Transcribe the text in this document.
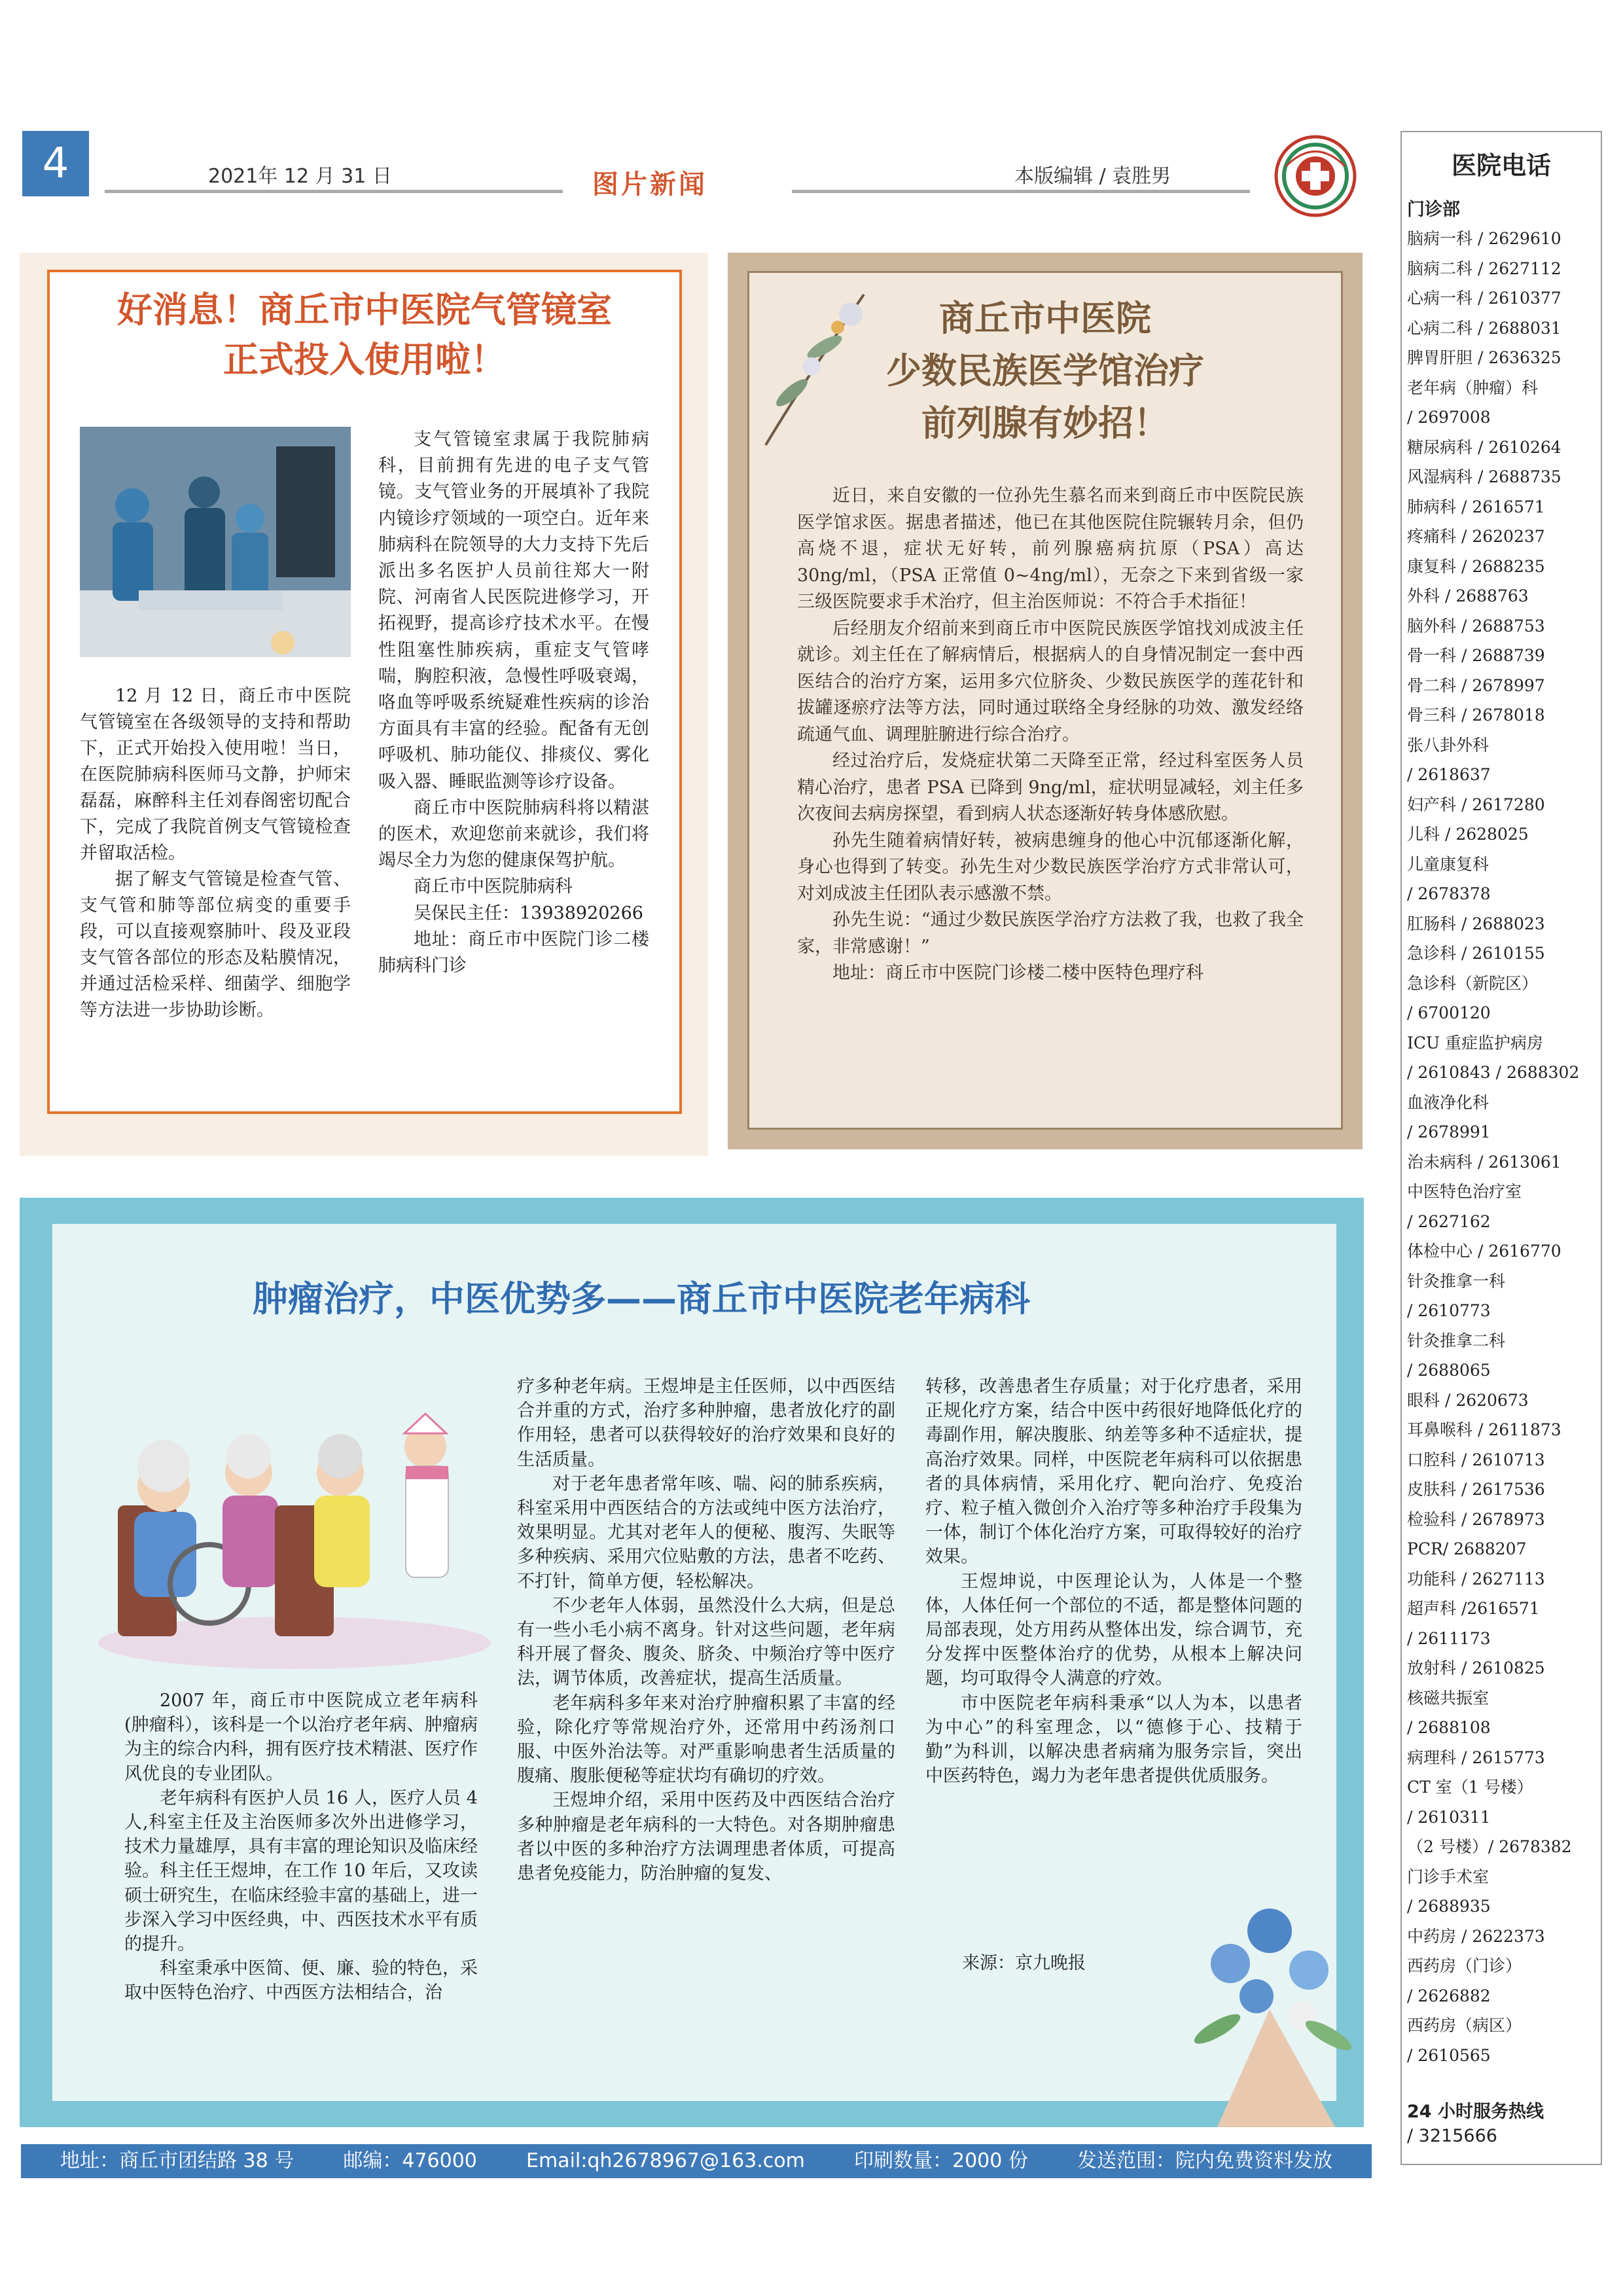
4	2021年 12 月 31 日	图片新闻	本版编辑 / 袁胜男
好消息！商丘市中医院气管镜室
正式投入使用啦！

12 月 12 日，商丘市中医院气管镜室在各级领导的支持和帮助下，正式开始投入使用啦！当日，在医院肺病科医师马文静，护师宋磊磊，麻醉科主任刘春阁密切配合下，完成了我院首例支气管镜检查并留取活检。

据了解支气管镜是检查气管、支气管和肺等部位病变的重要手段，可以直接观察肺叶、段及亚段支气管各部位的形态及粘膜情况，并通过活检采样、细菌学、细胞学等方法进一步协助诊断。

支气管镜室隶属于我院肺病科，目前拥有先进的电子支气管镜。支气管业务的开展填补了我院内镜诊疗领域的一项空白。近年来肺病科在院领导的大力支持下先后派出多名医护人员前往郑大一附院、河南省人民医院进修学习，开拓视野，提高诊疗技术水平。在慢性阻塞性肺疾病，重症支气管哮喘，胸腔积液，急慢性呼吸衰竭，咯血等呼吸系统疑难性疾病的诊治方面具有丰富的经验。配备有无创呼吸机、肺功能仪、排痰仪、雾化吸入器、睡眠监测等诊疗设备。

商丘市中医院肺病科将以精湛的医术，欢迎您前来就诊，我们将竭尽全力为您的健康保驾护航。

商丘市中医院肺病科

吴保民主任：13938920266

地址：商丘市中医院门诊二楼肺病科门诊

商丘市中医院
少数民族医学馆治疗
前列腺有妙招！

近日，来自安徽的一位孙先生慕名而来到商丘市中医院民族医学馆求医。据患者描述，他已在其他医院住院辗转月余，但仍高烧不退，症状无好转，前列腺癌病抗原（PSA）高达 30ng/ml，（PSA 正常值 0~4ng/ml），无奈之下来到省级一家三级医院要求手术治疗，但主治医师说：不符合手术指征！

后经朋友介绍前来到商丘市中医院民族医学馆找刘成波主任就诊。刘主任在了解病情后，根据病人的自身情况制定一套中西医结合的治疗方案，运用多穴位脐灸、少数民族医学的莲花针和拔罐逐瘀疗法等方法，同时通过联络全身经脉的功效、激发经络疏通气血、调理脏腑进行综合治疗。

经过治疗后，发烧症状第二天降至正常，经过科室医务人员精心治疗，患者 PSA 已降到 9ng/ml，症状明显减轻，刘主任多次夜间去病房探望，看到病人状态逐渐好转身体感欣慰。

孙先生随着病情好转，被病患缠身的他心中沉郁逐渐化解，身心也得到了转变。孙先生对少数民族医学治疗方式非常认可，对刘成波主任团队表示感激不禁。

孙先生说：“通过少数民族医学治疗方法救了我，也救了我全家，非常感谢！”

地址：商丘市中医院门诊楼二楼中医特色理疗科

肿瘤治疗，中医优势多——商丘市中医院老年病科

2007 年，商丘市中医院成立老年病科(肿瘤科），该科是一个以治疗老年病、肿瘤病为主的综合内科，拥有医疗技术精湛、医疗作风优良的专业团队。

老年病科有医护人员 16 人，医疗人员 4 人,科室主任及主治医师多次外出进修学习，技术力量雄厚，具有丰富的理论知识及临床经验。科主任王煜坤，在工作 10 年后，又攻读硕士研究生，在临床经验丰富的基础上，进一步深入学习中医经典，中、西医技术水平有质的提升。

科室秉承中医简、便、廉、验的特色，采取中医特色治疗、中西医方法相结合，治

疗多种老年病。王煜坤是主任医师，以中西医结合并重的方式，治疗多种肿瘤，患者放化疗的副作用轻，患者可以获得较好的治疗效果和良好的生活质量。

对于老年患者常年咳、喘、闷的肺系疾病，科室采用中西医结合的方法或纯中医方法治疗，效果明显。尤其对老年人的便秘、腹泻、失眠等多种疾病、采用穴位贴敷的方法，患者不吃药、不打针，简单方便，轻松解决。

不少老年人体弱，虽然没什么大病，但是总有一些小毛小病不离身。针对这些问题，老年病科开展了督灸、腹灸、脐灸、中频治疗等中医疗法，调节体质，改善症状，提高生活质量。

老年病科多年来对治疗肿瘤积累了丰富的经验，除化疗等常规治疗外，还常用中药汤剂口服、中医外治法等。对严重影响患者生活质量的腹痛、腹胀便秘等症状均有确切的疗效。

王煜坤介绍，采用中医药及中西医结合治疗多种肿瘤是老年病科的一大特色。对各期肿瘤患者以中医的多种治疗方法调理患者体质，可提高患者免疫能力，防治肿瘤的复发、

转移，改善患者生存质量；对于化疗患者，采用正规化疗方案，结合中医中药很好地降低化疗的毒副作用，解决腹胀、纳差等多种不适症状，提高治疗效果。同样，中医院老年病科可以依据患者的具体病情，采用化疗、靶向治疗、免疫治疗、粒子植入微创介入治疗等多种治疗手段集为一体，制订个体化治疗方案，可取得较好的治疗效果。

王煜坤说，中医理论认为，人体是一个整体，人体任何一个部位的不适，都是整体问题的局部表现，处方用药从整体出发，综合调节，充分发挥中医整体治疗的优势，从根本上解决问题，均可取得令人满意的疗效。

市中医院老年病科秉承“以人为本，以患者为中心”的科室理念，以“德修于心、技精于勤”为科训，以解决患者病痛为服务宗旨，突出中医药特色，竭力为老年患者提供优质服务。

来源：京九晚报
医院电话
门诊部
脑病一科 / 2629610
脑病二科 / 2627112
心病一科 / 2610377
心病二科 / 2688031
脾胃肝胆 / 2636325
老年病（肿瘤）科
/ 2697008
糖尿病科 / 2610264
风湿病科 / 2688735
肺病科 / 2616571
疼痛科 / 2620237
康复科 / 2688235
外科 / 2688763
脑外科 / 2688753
骨一科 / 2688739
骨二科 / 2678997
骨三科 / 2678018
张八卦外科
/ 2618637
妇产科 / 2617280
儿科 / 2628025
儿童康复科
/ 2678378
肛肠科 / 2688023
急诊科 / 2610155
急诊科（新院区）
/ 6700120
ICU 重症监护病房
/ 2610843 / 2688302
血液净化科
/ 2678991
治未病科 / 2613061
中医特色治疗室
/ 2627162
体检中心 / 2616770
针灸推拿一科
/ 2610773
针灸推拿二科
/ 2688065
眼科 / 2620673
耳鼻喉科 / 2611873
口腔科 / 2610713
皮肤科 / 2617536
检验科 / 2678973
PCR/ 2688207
功能科 / 2627113
超声科 /2616571
/ 2611173
放射科 / 2610825
核磁共振室
/ 2688108
病理科 / 2615773
CT 室（1 号楼）
/ 2610311
（2 号楼）/ 2678382
门诊手术室
/ 2688935
中药房 / 2622373
西药房（门诊）
/ 2626882
西药房（病区）
/ 2610565
24 小时服务热线
/ 3215666
地址：商丘市团结路 38 号	邮编：476000	Email:qh2678967@163.com	印刷数量：2000 份	发送范围：院内免费资料发放
